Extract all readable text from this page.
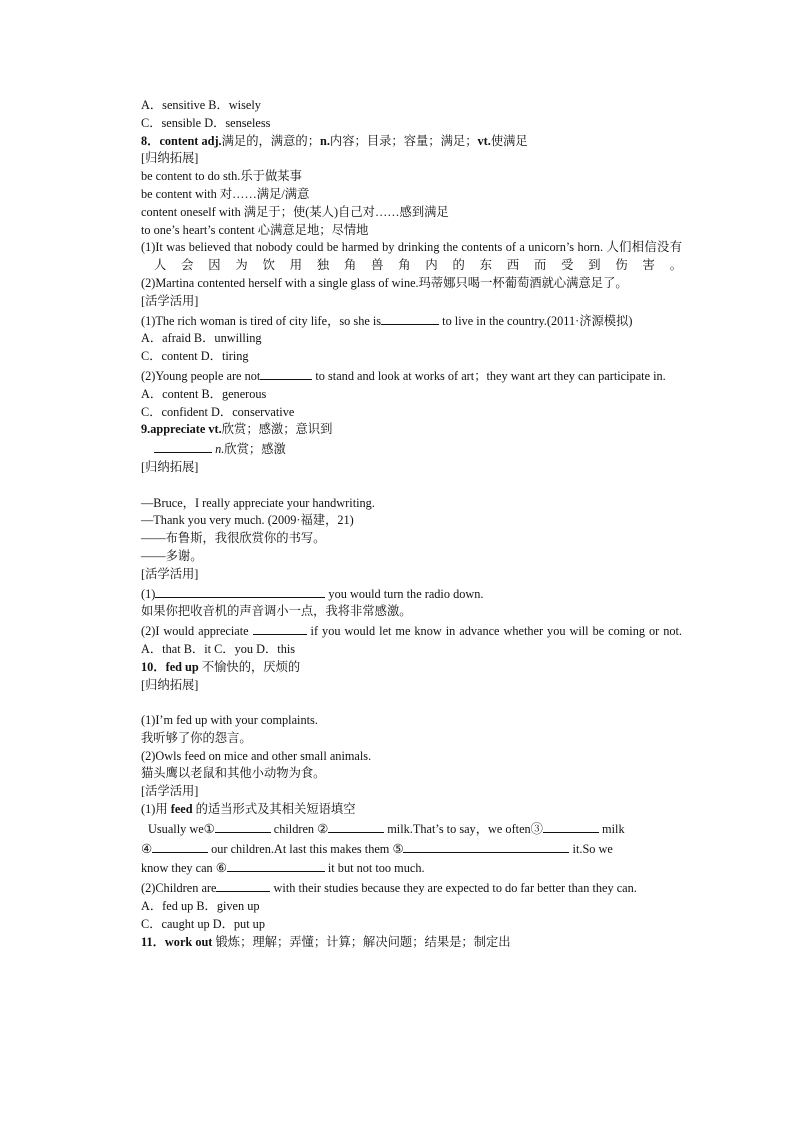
A．sensitive B．wisely
C．sensible D．senseless
8．content adj.满足的，满意的；n.内容；目录；容量；满足；vt.使满足
[归纳拓展]
be content to do sth.乐于做某事
be content with 对……满足/满意
content oneself with 满足于；使(某人)自己对……感到满足
to one’s heart’s content 心满意足地；尽情地
(1)It was believed that nobody could be harmed by drinking the contents of a unicorn’s horn. 人们相信没有人会因为饮用独角兽角内的东西而受到伤害。
(2)Martina contented herself with a single glass of wine.玛蒂娜只喝一杯葡萄酒就心满意足了。
[活学活用]
(1)The rich woman is tired of city life，so she is	to live in the country.(2011·济源模拟)
A．afraid B．unwilling
C．content D．tiring
(2)Young people are not	to stand and look at works of art；they want art they can participate in.
A．content B．generous
C．confident D．conservative
9.appreciate vt.欣赏；感激；意识到
n.欣赏；感激
[归纳拓展]
—Bruce，I really appreciate your handwriting.
—Thank you very much. (2009·福建，21)
——布鲁斯，我很欣赏你的书写。
——多谢。
[活学活用]
(1)	you would turn the radio down.
如果你把收音机的声音调小一点，我将非常感激。
(2)I would appreciate	if you would let me know in advance whether you will be coming or not.
A．that B．it C．you D．this
10．fed up 不愉快的，厌烦的
[归纳拓展]
(1)I’m fed up with your complaints.
我听够了你的怨言。
(2)Owls feed on mice and other small animals.
猫头鹰以老鼠和其他小动物为食。
[活学活用]
(1)用 feed 的适当形式及其相关短语填空
Usually we①	children ②	milk.That’s to say，we often③	milk
④	our children.At last this makes them ⑤	it.So we
know they can ⑥	it but not too much.
(2)Children are	with their studies because they are expected to do far better than they can.
A．fed up B．given up
C．caught up D．put up
11．work out 锻炼；理解；弄懂；计算；解决问题；结果是；制定出
